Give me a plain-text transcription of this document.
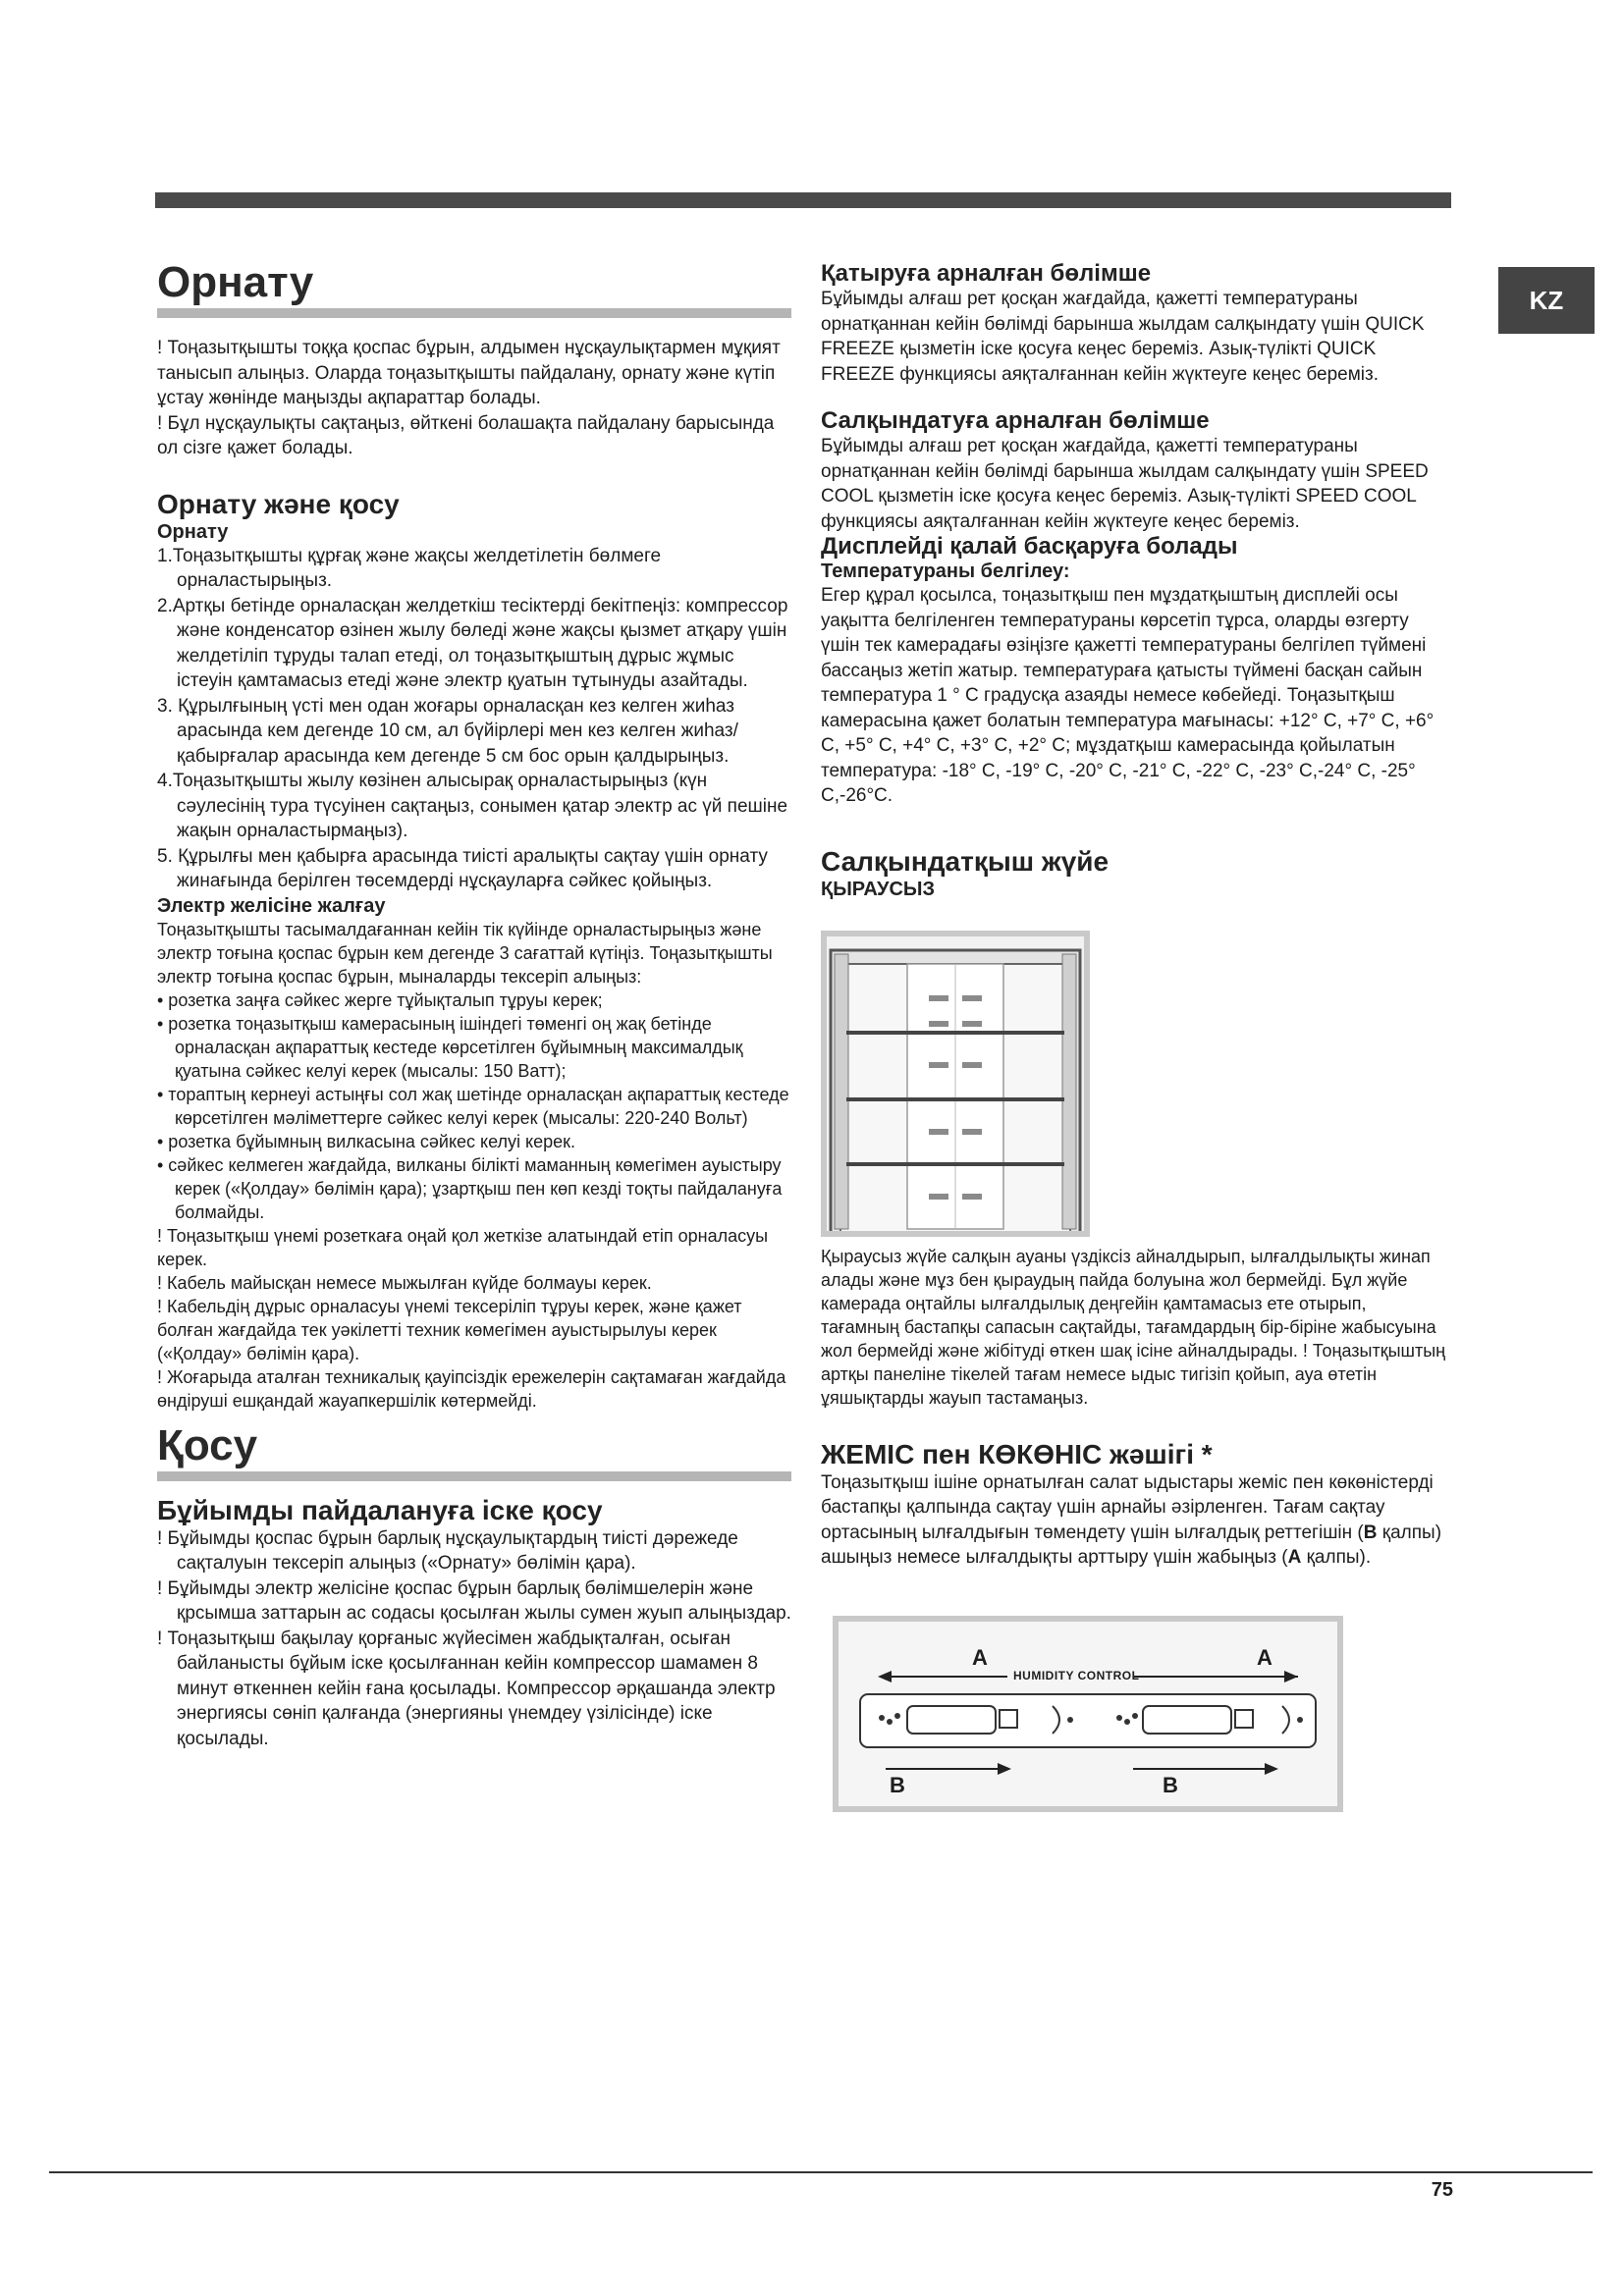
KZ
Орнату

! Тоңазытқышты тоққа қоспас бұрын, алдымен нұсқаулықтармен мұқият танысып алыңыз. Оларда тоңазытқышты пайдалану, орнату және күтіп ұстау жөнінде маңызды ақпараттар болады.

! Бұл нұсқаулықты сақтаңыз, өйткені болашақта пайдалану барысында ол сізге қажет болады.

Орнату және қосу
Орнату

1.Тоңазытқышты құрғақ және жақсы желдетілетін бөлмеге орналастырыңыз.

2.Артқы бетінде орналасқан желдеткіш тесіктерді бекітпеңіз: компрессор және конденсатор өзінен жылу бөледі және жақсы қызмет атқару үшін желдетіліп тұруды талап етеді, ол тоңазытқыштың дұрыс жұмыс істеуін қамтамасыз етеді және электр қуатын тұтынуды азайтады.

3. Құрылғының үсті мен одан жоғары орналасқан кез келген жиһаз арасында кем дегенде 10 см, ал бүйірлері мен кез келген жиһаз/қабырғалар арасында кем дегенде 5 см бос орын қалдырыңыз.

4.Тоңазытқышты жылу көзінен алысырақ орналастырыңыз (күн сәулесінің тура түсуінен сақтаңыз, сонымен қатар электр ас үй пешіне жақын орналастырмаңыз).

5. Құрылғы мен қабырға арасында тиісті аралықты сақтау үшін орнату жинағында берілген төсемдерді нұсқауларға сәйкес қойыңыз.

Электр желісіне жалғау

Тоңазытқышты тасымалдағаннан кейін тік күйінде орналастырыңыз және электр тоғына қоспас бұрын кем дегенде 3 сағаттай күтіңіз. Тоңазытқышты электр тоғына қоспас бұрын, мыналарды тексеріп алыңыз:

• розетка заңға сәйкес жерге тұйықталып тұруы керек;

• розетка тоңазытқыш камерасының ішіндегі төменгі оң жақ бетінде орналасқан ақпараттық кестеде көрсетілген бұйымның максималдық қуатына сәйкес келуі керек (мысалы: 150 Ватт);

• тораптың кернеуі астыңғы сол жақ шетінде орналасқан ақпараттық кестеде көрсетілген мәліметтерге сәйкес келуі керек (мысалы: 220-240 Вольт)

• розетка бұйымның вилкасына сәйкес келуі керек.

• сәйкес келмеген жағдайда, вилканы білікті маманның көмегімен ауыстыру керек («Қолдау» бөлімін қара); ұзартқыш пен көп кезді тоқты пайдалануға болмайды.

! Тоңазытқыш үнемі розеткаға оңай қол жеткізе алатындай етіп орналасуы керек.

! Кабель майысқан немесе мыжылған күйде болмауы керек.

! Кабельдің дұрыс орналасуы үнемі тексеріліп тұруы керек, және қажет болған жағдайда тек уәкілетті техник көмегімен ауыстырылуы керек («Қолдау» бөлімін қара).

! Жоғарыда аталған техникалық қауіпсіздік ережелерін сақтамаған жағдайда өндіруші ешқандай жауапкершілік көтермейді.

Қосу
Бұйымды пайдалануға іске қосу

! Бұйымды қоспас бұрын барлық нұсқаулықтардың тиісті дәрежеде сақталуын тексеріп алыңыз («Орнату» бөлімін қара).

! Бұйымды электр желісіне қоспас бұрын барлық бөлімшелерін және қрсымша заттарын ас содасы қосылған жылы сумен жуып алыңыздар.

! Тоңазытқыш бақылау қорғаныс жүйесімен жабдықталған, осыған байланысты бұйым іске қосылғаннан кейін компрессор шамамен 8 минут өткеннен кейін ғана қосылады. Компрессор әрқашанда электр энергиясы сөніп қалғанда (энергияны үнемдеу үзілісінде) іске қосылады.

Қатыруға арналған бөлімше

Бұйымды алғаш рет қосқан жағдайда, қажетті температураны орнатқаннан кейін бөлімді барынша жылдам салқындату үшін QUICK FREEZE қызметін іске қосуға кеңес береміз. Азық-түлікті QUICK FREEZE функциясы аяқталғаннан кейін жүктеуге кеңес береміз.

Салқындатуға арналған бөлімше

Бұйымды алғаш рет қосқан жағдайда, қажетті температураны орнатқаннан кейін бөлімді барынша жылдам салқындату үшін SPEED COOL қызметін іске қосуға кеңес береміз. Азық-түлікті SPEED COOL функциясы аяқталғаннан кейін жүктеуге кеңес береміз.

Дисплейді қалай басқаруға болады
Температураны белгілеу:

Егер құрал қосылса, тоңазытқыш пен мұздатқыштың дисплейі осы уақытта белгіленген температураны көрсетіп тұрса, оларды өзгерту үшін тек камерадағы өзіңізге қажетті температураны белгілеп түймені бассаңыз жетіп жатыр. температураға қатысты түймені басқан сайын температура 1 ° C градусқа азаяды немесе көбейеді. Тоңазытқыш камерасына қажет болатын температура мағынасы: +12° C, +7° C, +6° C, +5° C, +4° C, +3° C, +2° C; мұздатқыш камерасында қойылатын температура: -18° C, -19° C, -20° C, -21° C, -22° C, -23° C,-24° C, -25° C,-26°C.

Салқындатқыш жүйе
ҚЫРАУСЫЗ

Қыраусыз жүйе салқын ауаны үздіксіз айналдырып, ылғалдылықты жинап алады және мұз бен қыраудың пайда болуына жол бермейді. Бұл жүйе камерада оңтайлы ылғалдылық деңгейін қамтамасыз ете отырып, тағамның бастапқы сапасын сақтайды, тағамдардың бір-біріне жабысуына жол бермейді және жібітуді өткен шақ ісіне айналдырады. ! Тоңазытқыштың артқы панеліне тікелей тағам немесе ыдыс тигізіп қойып, ауа өтетін ұяшықтарды жауып тастамаңыз.

ЖЕМІС пен КӨКӨНІС жәшігі *

Тоңазытқыш ішіне орнатылған салат ыдыстары жеміс пен көкөністерді бастапқы қалпында сақтау үшін арнайы әзірленген. Тағам сақтау ортасының ылғалдығын төмендету үшін ылғалдық реттегішін (B қалпы) ашыңыз немесе ылғалдықты арттыру үшін жабыңыз (A қалпы).

A	A
HUMIDITY CONTROL
B	B
75
